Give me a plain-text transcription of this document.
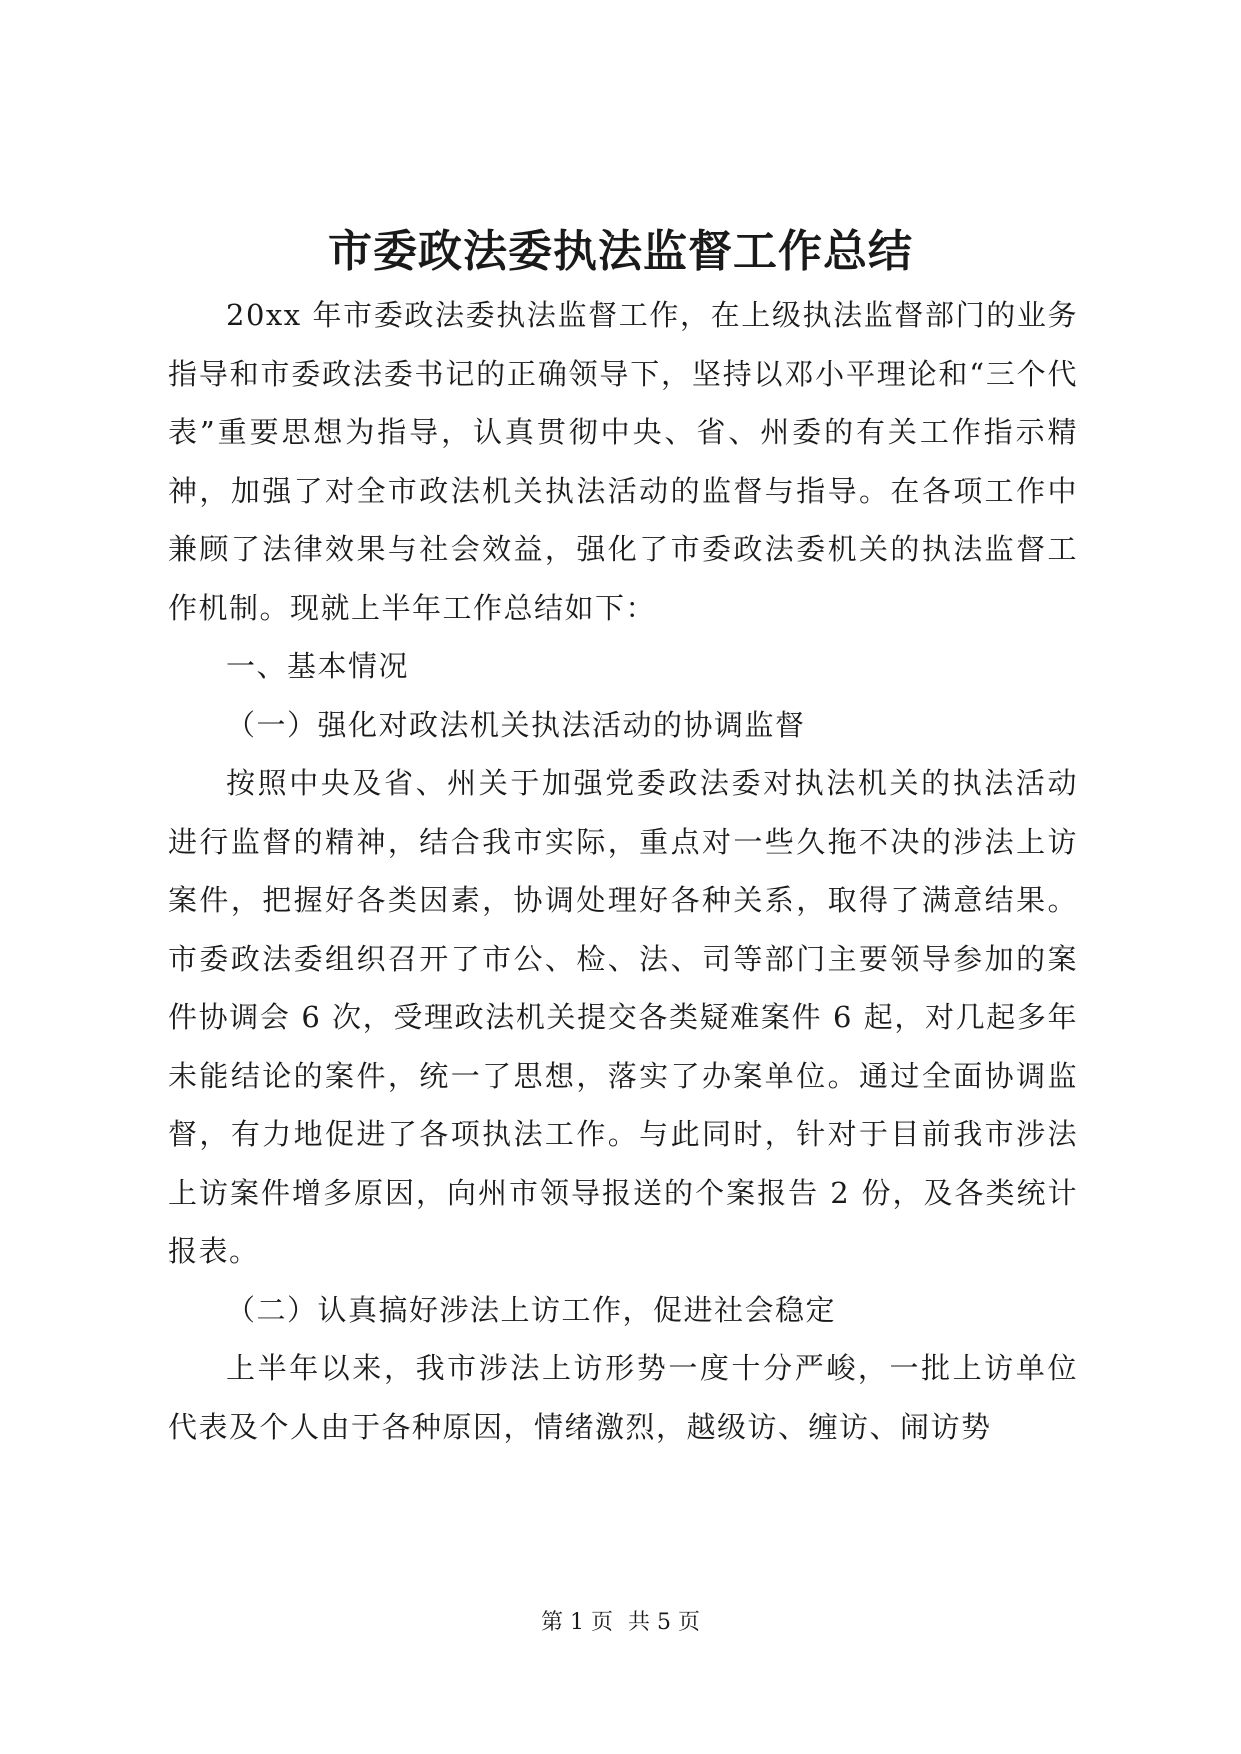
市委政法委执法监督工作总结

20xx 年市委政法委执法监督工作，在上级执法监督部门的业务指导和市委政法委书记的正确领导下，坚持以邓小平理论和“三个代表”重要思想为指导，认真贯彻中央、省、州委的有关工作指示精神，加强了对全市政法机关执法活动的监督与指导。在各项工作中兼顾了法律效果与社会效益，强化了市委政法委机关的执法监督工作机制。现就上半年工作总结如下：

一、基本情况

（一）强化对政法机关执法活动的协调监督

按照中央及省、州关于加强党委政法委对执法机关的执法活动进行监督的精神，结合我市实际，重点对一些久拖不决的涉法上访案件，把握好各类因素，协调处理好各种关系，取得了满意结果。市委政法委组织召开了市公、检、法、司等部门主要领导参加的案件协调会 6 次，受理政法机关提交各类疑难案件 6 起，对几起多年未能结论的案件，统一了思想，落实了办案单位。通过全面协调监督，有力地促进了各项执法工作。与此同时，针对于目前我市涉法上访案件增多原因，向州市领导报送的个案报告 2 份，及各类统计报表。

（二）认真搞好涉法上访工作，促进社会稳定

上半年以来，我市涉法上访形势一度十分严峻，一批上访单位代表及个人由于各种原因，情绪激烈，越级访、缠访、闹访势

第 1 页 共 5 页
